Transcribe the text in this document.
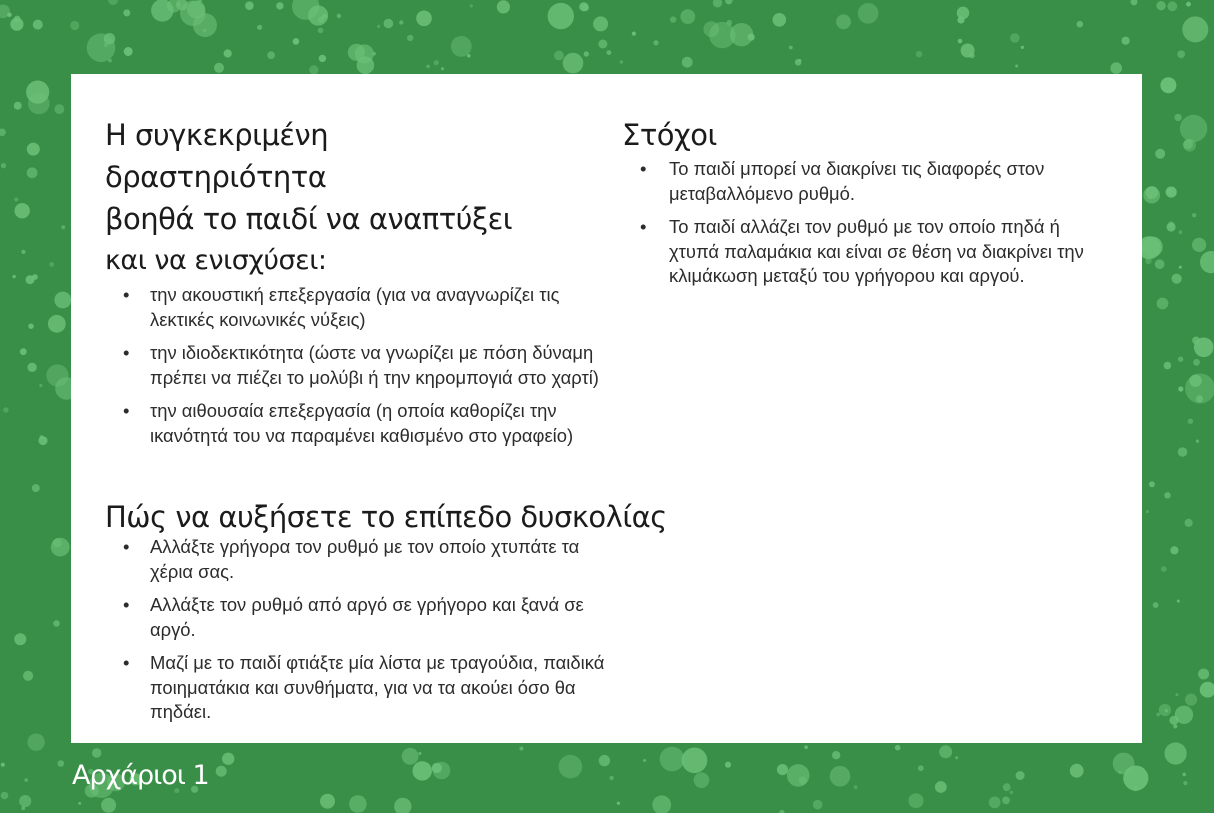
Η συγκεκριμένη δραστηριότητα
βοηθά το παιδί να αναπτύξει
και να ενισχύσει:
• την ακουστική επεξεργασία (για να αναγνωρίζει τις λεκτικές κοινωνικές νύξεις)
• την ιδιοδεκτικότητα (ώστε να γνωρίζει με πόση δύναμη πρέπει να πιέζει το μολύβι ή την κηρομπογιά στο χαρτί)
• την αιθουσαία επεξεργασία (η οποία καθορίζει την ικανότητά του να παραμένει καθισμένο στο γραφείο)
Πώς να αυξήσετε το επίπεδο δυσκολίας
• Αλλάξτε γρήγορα τον ρυθμό με τον οποίο χτυπάτε τα χέρια σας.
• Αλλάξτε τον ρυθμό από αργό σε γρήγορο και ξανά σε αργό.
• Μαζί με το παιδί φτιάξτε μία λίστα με τραγούδια, παιδικά ποιηματάκια και συνθήματα, για να τα ακούει όσο θα πηδάει.
Στόχοι
• Το παιδί μπορεί να διακρίνει τις διαφορές στον μεταβαλλόμενο ρυθμό.
• Το παιδί αλλάζει τον ρυθμό με τον οποίο πηδά ή χτυπά παλαμάκια και είναι σε θέση να διακρίνει την κλιμάκωση μεταξύ του γρήγορου και αργού.
Αρχάριοι 1
